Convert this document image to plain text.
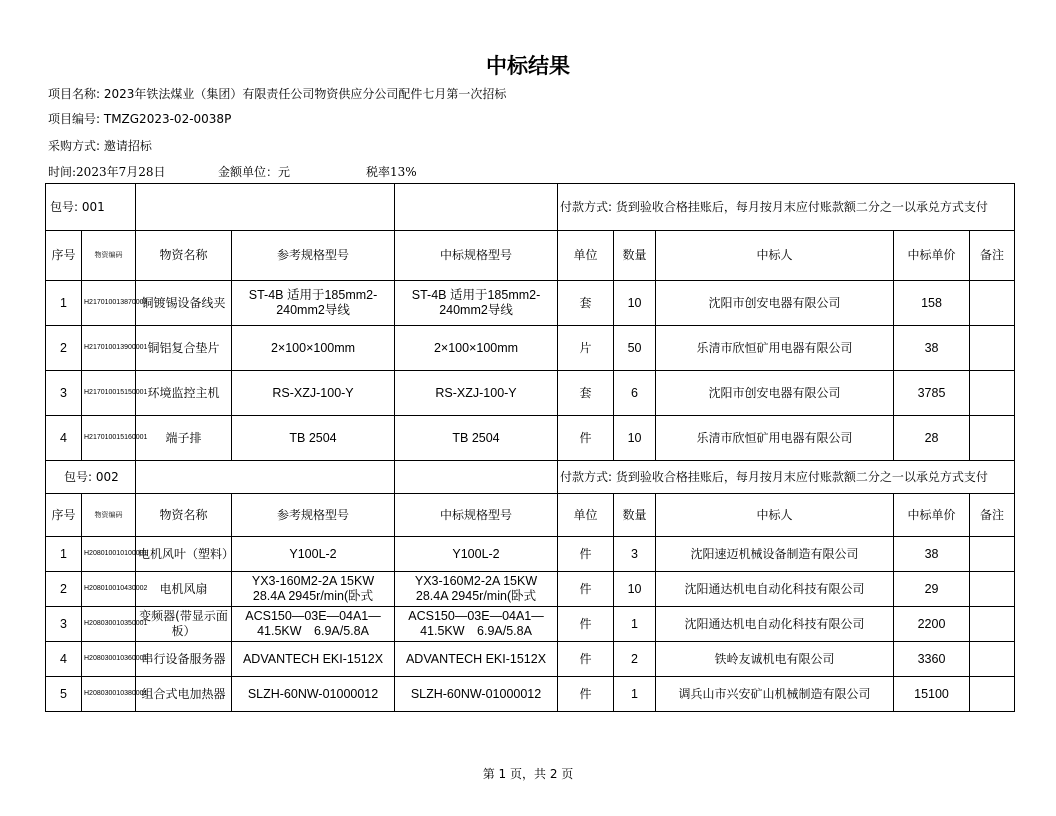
中标结果
项目名称: 2023年铁法煤业（集团）有限责任公司物资供应分公司配件七月第一次招标
项目编号: TMZG2023-02-0038P
采购方式: 邀请招标
时间:2023年7月28日	金额单位：元	税率13%
包号: 001					付款方式: 货到验收合格挂账后，每月按月末应付账款额二分之一以承兑方式支付				
序号	物资编码	物资名称	参考规格型号	中标规格型号	单位	数量	中标人	中标单价	备注
1	H217010013870003	铜镀锡设备线夹	ST-4B 适用于185mm2-240mm2导线	ST-4B 适用于185mm2-240mm2导线	套	10	沈阳市创安电器有限公司	158	
2	H217010013900001	铜铝复合垫片	2×100×100mm	2×100×100mm	片	50	乐清市欣恒矿用电器有限公司	38	
3	H217010015150001	环境监控主机	RS-XZJ-100-Y	RS-XZJ-100-Y	套	6	沈阳市创安电器有限公司	3785	
4	H217010015160001	端子排	TB 2504	TB 2504	件	10	乐清市欣恒矿用电器有限公司	28	
包号: 002					付款方式: 货到验收合格挂账后，每月按月末应付账款额二分之一以承兑方式支付				
序号	物资编码	物资名称	参考规格型号	中标规格型号	单位	数量	中标人	中标单价	备注
1	H208010010100001	电机风叶（塑料）	Y100L-2	Y100L-2	件	3	沈阳速迈机械设备制造有限公司	38	
2	H208010010430002	电机风扇	YX3-160M2-2A 15KW 28.4A 2945r/min(卧式	YX3-160M2-2A 15KW 28.4A 2945r/min(卧式	件	10	沈阳通达机电自动化科技有限公司	29	
3	H208030010350001	变频器(带显示面板）	ACS150—03E—04A1—41.5KW　6.9A/5.8A	ACS150—03E—04A1—41.5KW　6.9A/5.8A	件	1	沈阳通达机电自动化科技有限公司	2200	
4	H208030010360001	串行设备服务器	ADVANTECH EKI-1512X	ADVANTECH EKI-1512X	件	2	铁岭友诚机电有限公司	3360	
5	H208030010380001	组合式电加热器	SLZH-60NW-01000012	SLZH-60NW-01000012	件	1	调兵山市兴安矿山机械制造有限公司	15100	
第 1 页，共 2 页
